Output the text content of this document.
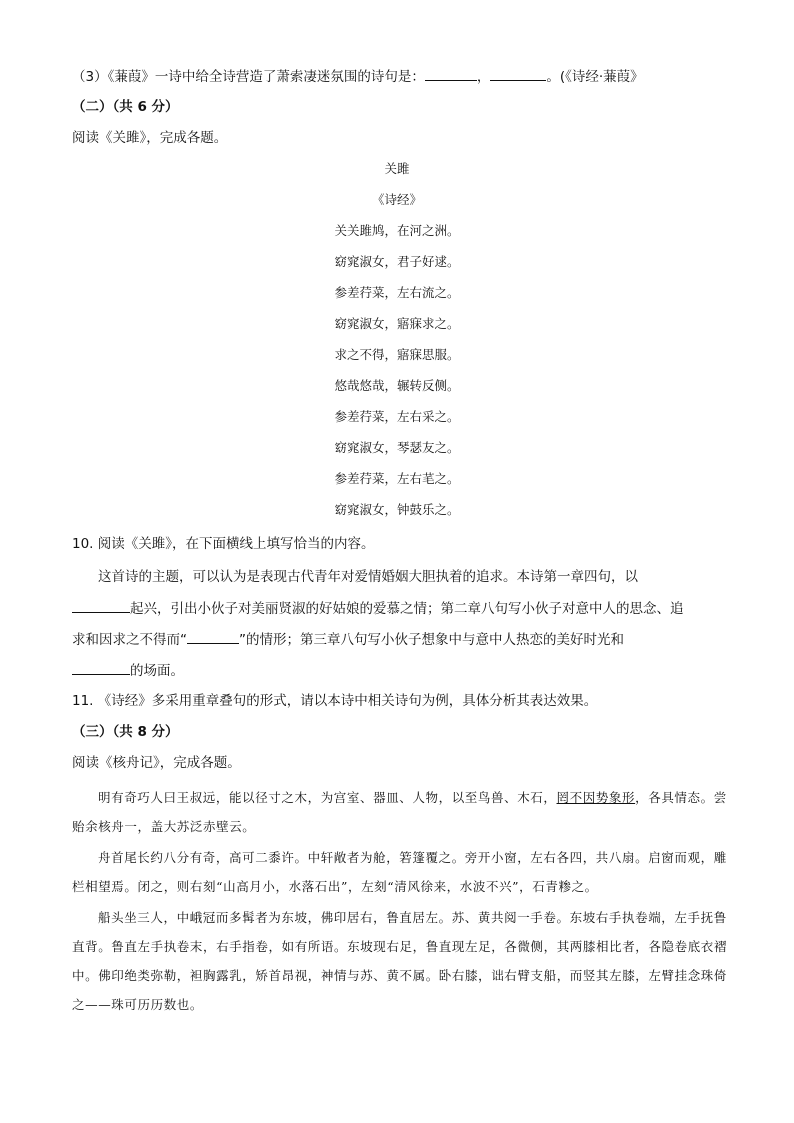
（3）《蒹葭》一诗中给全诗营造了萧索凄迷氛围的诗句是：	，	。(《诗经·蒹葭》
（二）（共 6 分）
阅读《关雎》，完成各题。
关雎
《诗经》
关关雎鸠，在河之洲。
窈窕淑女，君子好逑。
参差荇菜，左右流之。
窈窕淑女，寤寐求之。
求之不得，寤寐思服。
悠哉悠哉，辗转反侧。
参差荇菜，左右采之。
窈窕淑女，琴瑟友之。
参差荇菜，左右芼之。
窈窕淑女，钟鼓乐之。
10. 阅读《关雎》，在下面横线上填写恰当的内容。
这首诗的主题，可以认为是表现古代青年对爱情婚姻大胆执着的追求。本诗第一章四句，以
起兴，引出小伙子对美丽贤淑的好姑娘的爱慕之情；第二章八句写小伙子对意中人的思念、追
求和因求之不得而“	”的情形；第三章八句写小伙子想象中与意中人热恋的美好时光和
的场面。
11. 《诗经》多采用重章叠句的形式，请以本诗中相关诗句为例，具体分析其表达效果。
（三）（共 8 分）
阅读《核舟记》，完成各题。
明有奇巧人曰王叔远，能以径寸之木，为宫室、器皿、人物，以至鸟兽、木石，罔不因势象形，各具情态。尝贻余核舟一，盖大苏泛赤壁云。
舟首尾长约八分有奇，高可二黍许。中轩敞者为舱，箬篷覆之。旁开小窗，左右各四，共八扇。启窗而观，雕栏相望焉。闭之，则右刻“山高月小，水落石出”，左刻“清风徐来，水波不兴”，石青糁之。
船头坐三人，中峨冠而多髯者为东坡，佛印居右，鲁直居左。苏、黄共阅一手卷。东坡右手执卷端，左手抚鲁直背。鲁直左手执卷末，右手指卷，如有所语。东坡现右足，鲁直现左足，各微侧，其两膝相比者，各隐卷底衣褶中。佛印绝类弥勒，袒胸露乳，矫首昂视，神情与苏、黄不属。卧右膝，诎右臂支船，而竖其左膝，左臂挂念珠倚之——珠可历历数也。
